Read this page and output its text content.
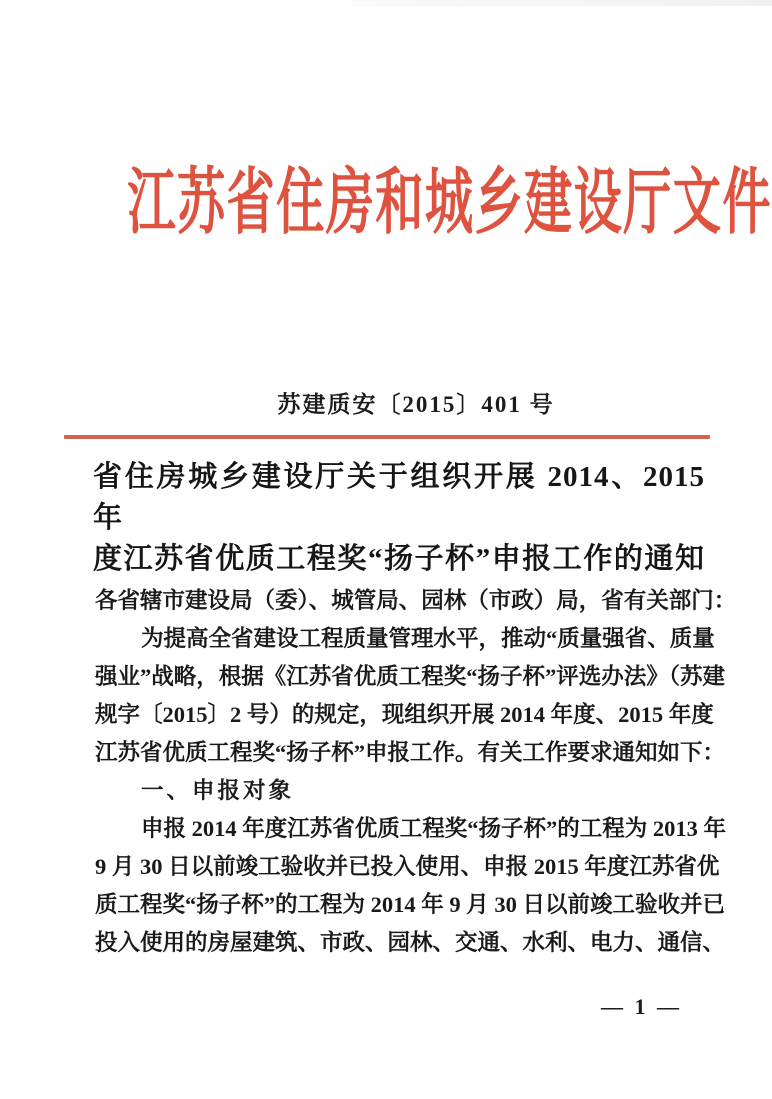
江苏省住房和城乡建设厅文件
苏建质安〔2015〕401 号
省住房城乡建设厅关于组织开展 2014、2015 年
度江苏省优质工程奖“扬子杯”申报工作的通知
各省辖市建设局（委）、城管局、园林（市政）局，省有关部门：
为提高全省建设工程质量管理水平，推动“质量强省、质量
强业”战略，根据《江苏省优质工程奖“扬子杯”评选办法》（苏建
规字〔2015〕2 号）的规定，现组织开展 2014 年度、2015 年度
江苏省优质工程奖“扬子杯”申报工作。有关工作要求通知如下：
一、申报对象
申报 2014 年度江苏省优质工程奖“扬子杯”的工程为 2013 年
9 月 30 日以前竣工验收并已投入使用、申报 2015 年度江苏省优
质工程奖“扬子杯”的工程为 2014 年 9 月 30 日以前竣工验收并已
投入使用的房屋建筑、市政、园林、交通、水利、电力、通信、
— 1 —
